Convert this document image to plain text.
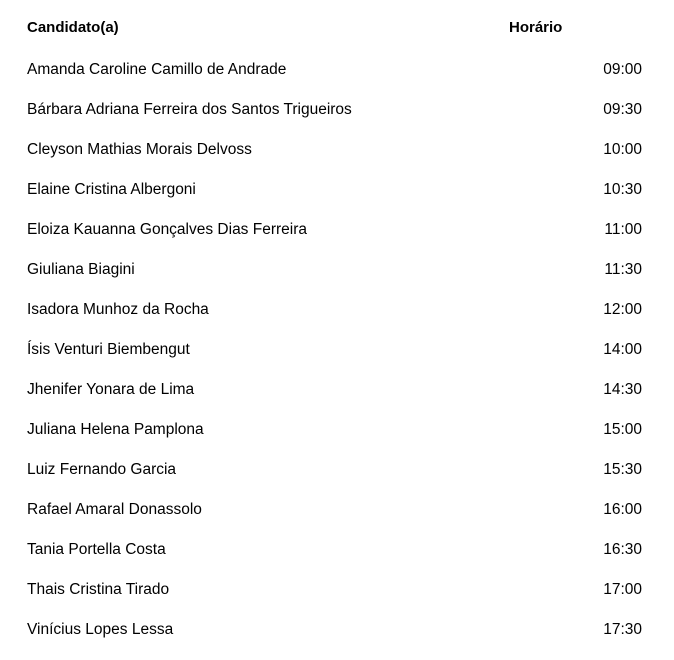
Candidato(a)	Horário
Amanda Caroline Camillo de Andrade	09:00
Bárbara Adriana Ferreira dos Santos Trigueiros	09:30
Cleyson Mathias Morais Delvoss	10:00
Elaine Cristina Albergoni	10:30
Eloiza Kauanna Gonçalves Dias Ferreira	11:00
Giuliana Biagini	11:30
Isadora Munhoz da Rocha	12:00
Ísis Venturi Biembengut	14:00
Jhenifer Yonara de Lima	14:30
Juliana Helena Pamplona	15:00
Luiz Fernando Garcia	15:30
Rafael Amaral Donassolo	16:00
Tania Portella Costa	16:30
Thais Cristina Tirado	17:00
Vinícius Lopes Lessa	17:30
